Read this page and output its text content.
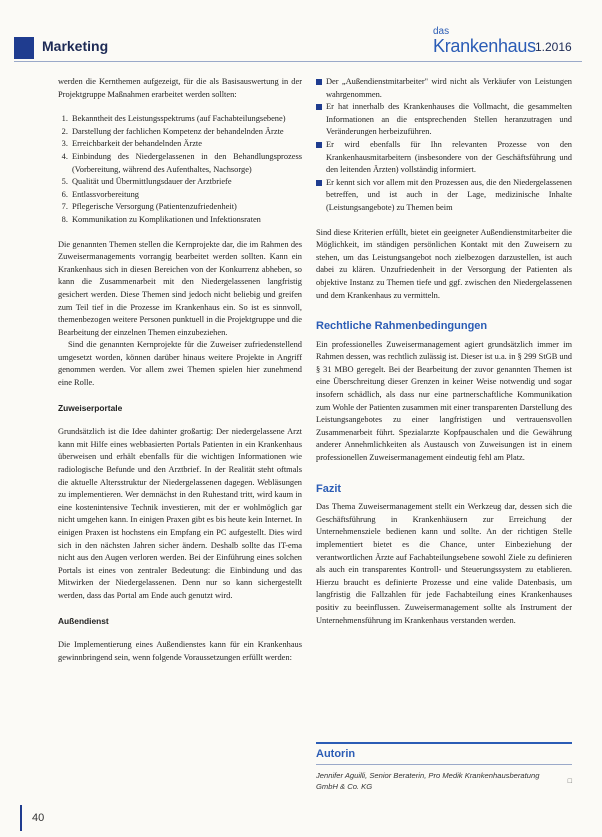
Marketing
das
Krankenhaus 1.2016

werden die Kernthemen aufgezeigt, für die als Basisauswertung in der Projektgruppe Maßnahmen erarbeitet werden sollten:

1. Bekanntheit des Leistungsspektrums (auf Fachabteilungsebene)
2. Darstellung der fachlichen Kompetenz der behandelnden Ärzte
3. Erreichbarkeit der behandelnden Ärzte
4. Einbindung des Niedergelassenen in den Behandlungsprozess (Vorbereitung, während des Aufenthaltes, Nachsorge)
5. Qualität und Übermittlungsdauer der Arztbriefe
6. Entlassvorbereitung
7. Pflegerische Versorgung (Patientenzufriedenheit)
8. Kommunikation zu Komplikationen und Infektionsraten

Die genannten Themen stellen die Kernprojekte dar, die im Rahmen des Zuweisermanagements vorrangig bearbeitet werden sollten. Kann ein Krankenhaus sich in diesen Bereichen von der Konkurrenz abheben, so kann die Zusammenarbeit mit den Niedergelassenen langfristig gesichert werden. Diese Themen sind jedoch nicht beliebig und greifen zum Teil tief in die Prozesse im Krankenhaus ein. So ist es sinnvoll, themenbezogen weitere Personen punktuell in die Projektgruppe und die Bearbeitung der einzelnen Themen einzubeziehen.

Sind die genannten Kernprojekte für die Zuweiser zufriedenstellend umgesetzt worden, können darüber hinaus weitere Projekte in Angriff genommen werden. Vor allem zwei Themen spielen hier zunehmend eine Rolle.

Zuweiserportale

Grundsätzlich ist die Idee dahinter großartig: Der niedergelassene Arzt kann mit Hilfe eines webbasierten Portals Patienten in ein Krankenhaus überweisen und erhält ebenfalls für die wichtigen Informationen wie radiologische Befunde und den Arztbrief. In der Realität steht oftmals die aktuelle Altersstruktur der Niedergelassenen dagegen. Webläsungen zu implementieren. Wer demnächst in den Ruhestand tritt, wird kaum in eine kostenintensive Technik investieren, mit der er wohlmöglich gar nicht umgehen kann. In einigen Praxen gibt es bis heute kein Internet. In einigen Praxen ist hochstens ein Empfang ein PC aufgestellt. Dies wird sich in den nächsten Jahren sicher ändern. Deshalb sollte das IT-ema nicht aus den Augen verloren werden. Bei der Einführung eines solchen Portals ist eines von zentraler Bedeutung: die Einbindung und das Mitwirken der Niedergelassenen. Denn nur so kann sichergestellt werden, dass das Portal am Ende auch genutzt wird.

Außendienst

Die Implementierung eines Außendienstes kann für ein Krankenhaus gewinnbringend sein, wenn folgende Voraussetzungen erfüllt werden:

Der „Außendienstmitarbeiter" wird nicht als Verkäufer von Leistungen wahrgenommen.
Er hat innerhalb des Krankenhauses die Vollmacht, die gesammelten Informationen an die entsprechenden Stellen heranzutragen und Veränderungen herbeizuführen.
Er wird ebenfalls für Ihn relevanten Prozesse von den Krankenhausmitarbeitern (insbesondere von der Geschäftsführung und den leitenden Ärzten) vollständig informiert.
Er kennt sich vor allem mit den Prozessen aus, die den Niedergelassenen betreffen, und ist auch in der Lage, medizinische Inhalte (Leistungsangebote) zu Themen beim

Sind diese Kriterien erfüllt, bietet ein geeigneter Außendienstmitarbeiter die Möglichkeit, im ständigen persönlichen Kontakt mit den Zuweisern zu stehen, um das Leistungsangebot noch zielbezogen darzustellen, ist auch dabei zu klären. Unzufriedenheit in der Versorgung der Patienten als objektive Instanz zu Themen tiefe und ggf. zwischen den Niedergelassenen und dem Krankenhaus zu vermitteln.

Rechtliche Rahmenbedingungen

Ein professionelles Zuweisermanagement agiert grundsätzlich immer im Rahmen dessen, was rechtlich zulässig ist. Dieser ist u.a. in § 299 StGB und § 31 MBO geregelt. Bei der Bearbeitung der zuvor genannten Themen ist eine Überschreitung dieser Grenzen in keiner Weise notwendig und sogar insofern schädlich, als dass nur eine partnerschaftliche Kommunikation zum Wohle der Patienten zusammen mit einer transparenten Darstellung des Leistungsangebotes zu einer langfristigen und vertrauensvollen Zusammenarbeit führt. Spezialarzte Kopfpauschalen und die Gewährung anderer Annehmlichkeiten als Austausch von Zuweisungen ist in einem professionellen Zuweisermanagement eindeutig fehl am Platz.

Fazit

Das Thema Zuweisermanagement stellt ein Werkzeug dar, dessen sich die Geschäftsführung in Krankenhäusern zur Erreichung der Unternehmensziele bedienen kann und sollte. An der richtigen Stelle implementiert bietet es die Chance, unter Einbeziehung der verantwortlichen Ärzte auf Fachabteilungsebene sowohl Ziele zu definieren als auch ein transparentes Kontroll- und Steuerungssystem zu etablieren. Hierzu braucht es definierte Prozesse und eine valide Datenbasis, um langfristig die Fallzahlen für jede Fachabteilung eines Krankenhauses positiv zu beeinflussen. Zuweisermanagement sollte als Instrument der Unternehmensführung im Krankenhaus verstanden werden.

Autorin
Jennifer Aguilli, Senior Beraterin, Pro Medik Krankenhausberatung GmbH & Co. KG
□
40
